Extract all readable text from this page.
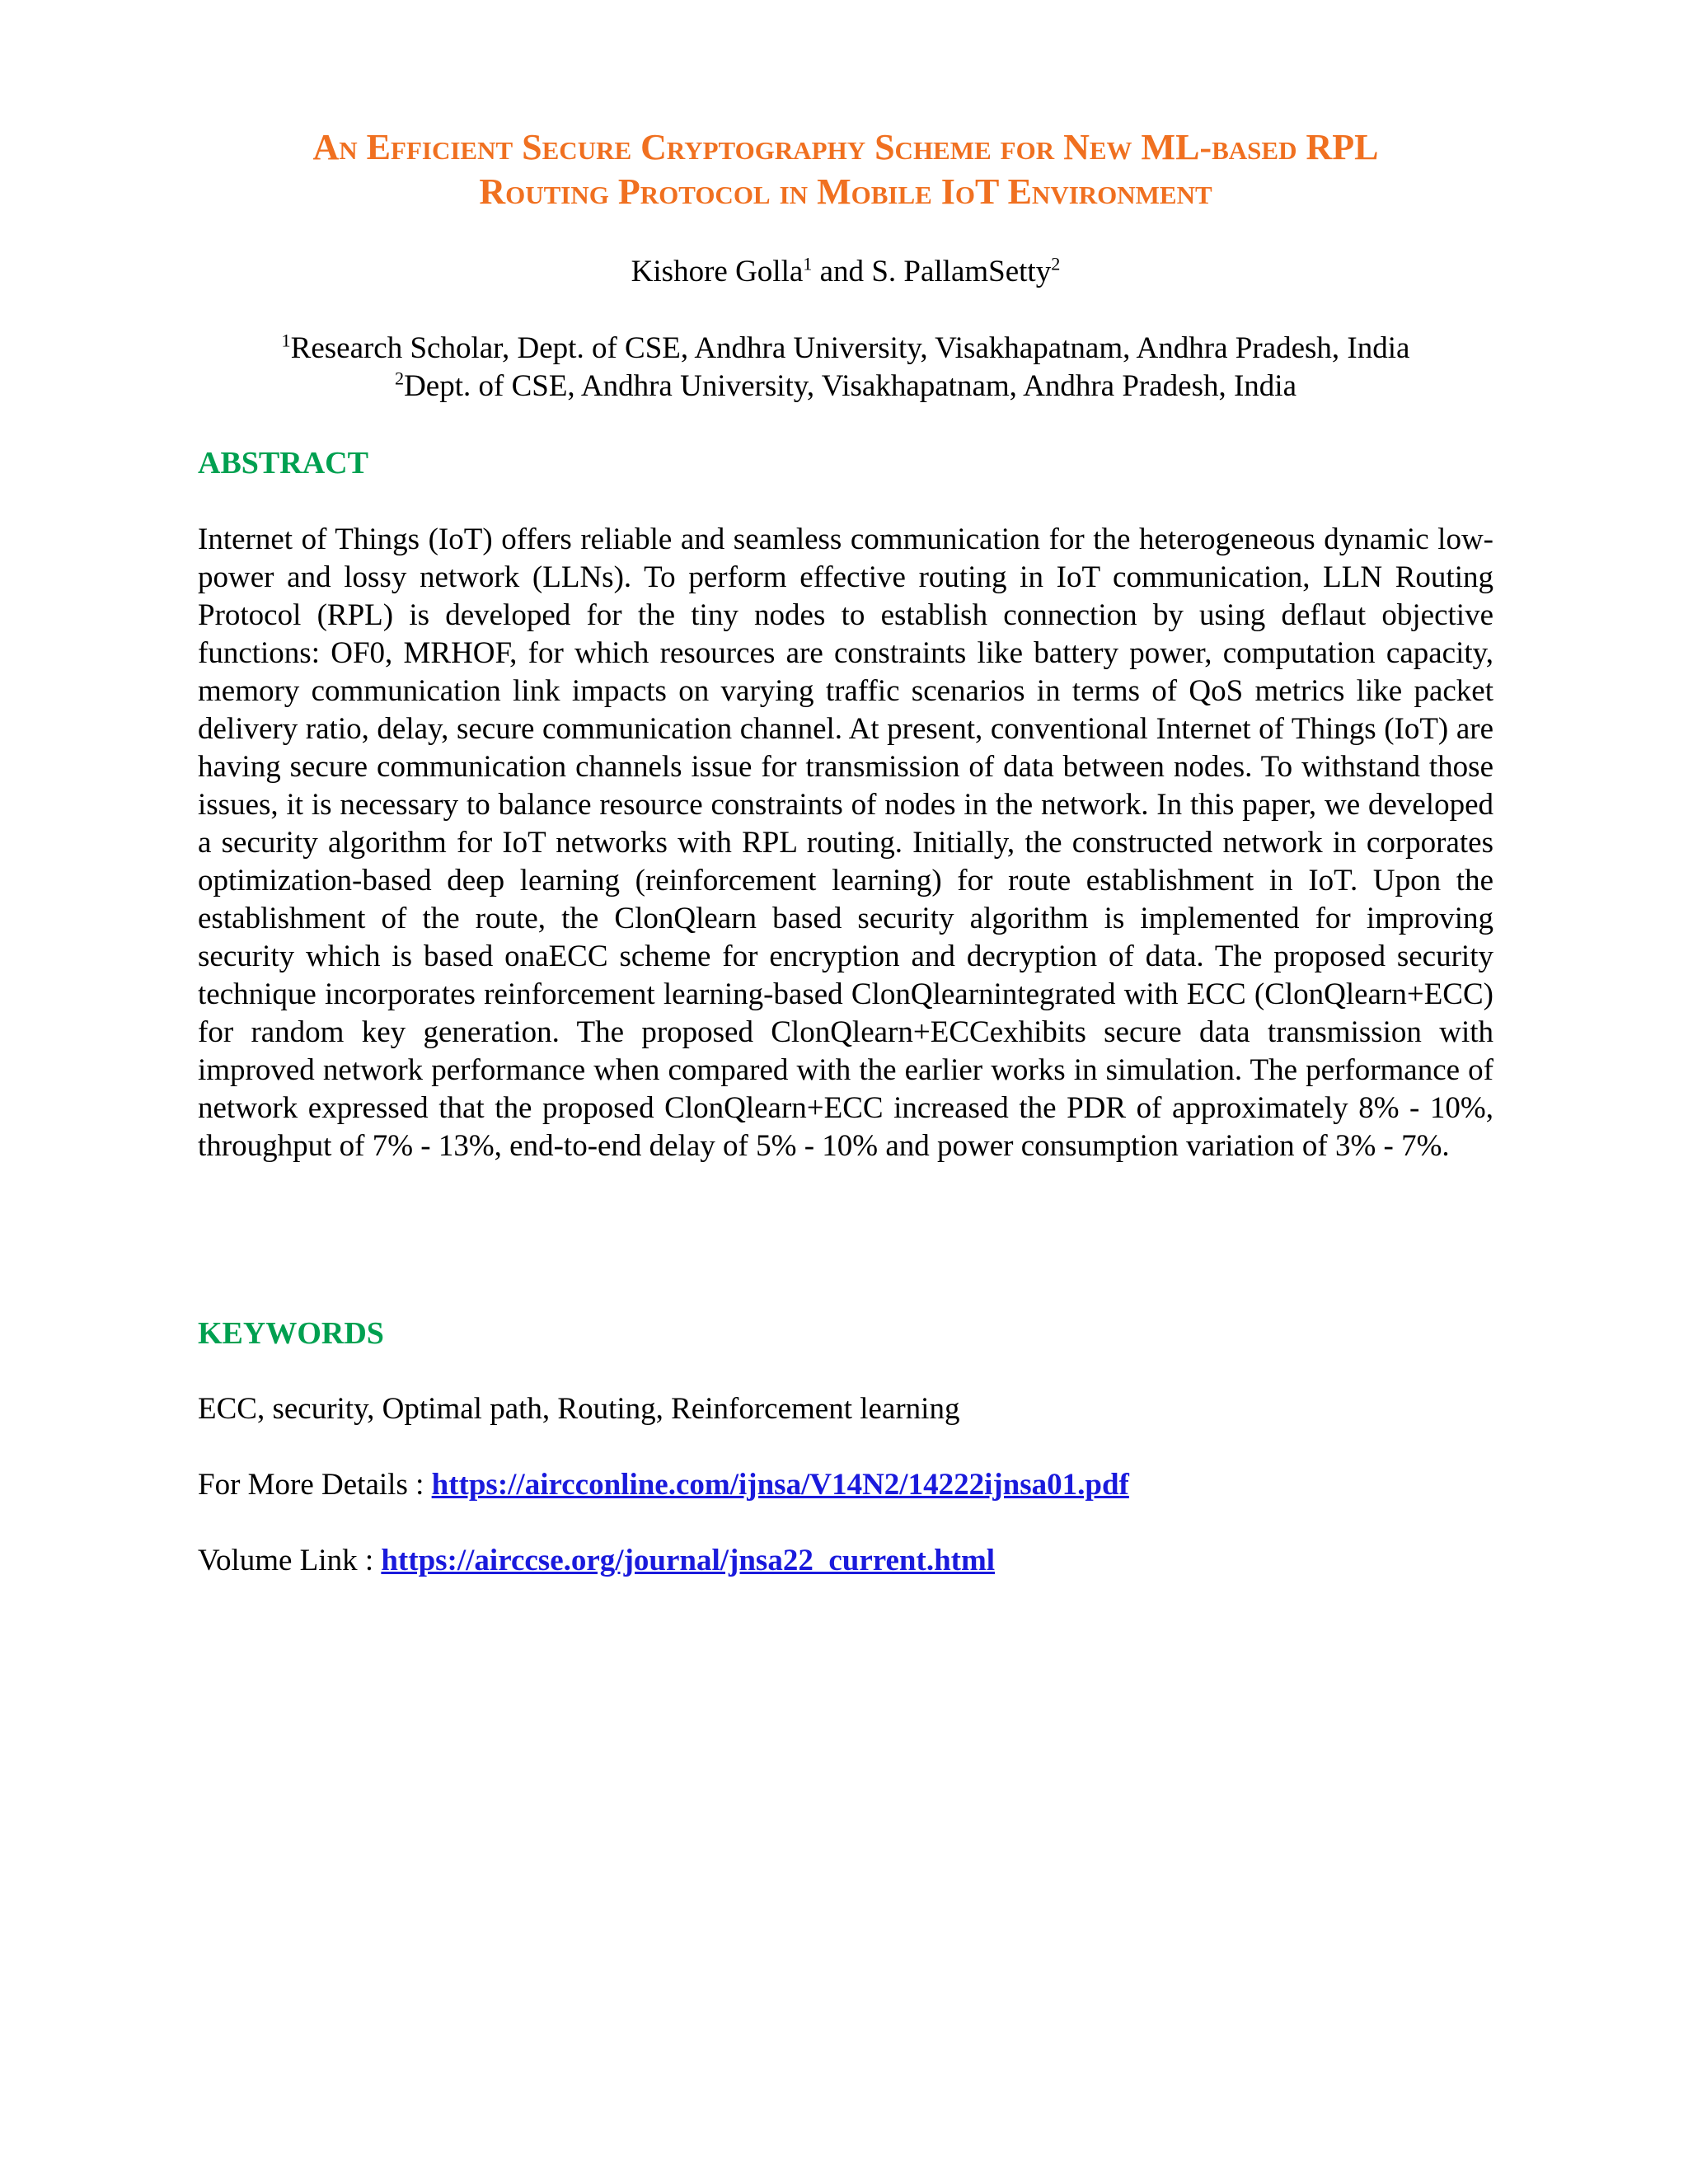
An Efficient Secure Cryptography Scheme for New ML-based RPL
Routing Protocol in Mobile IoT Environment
Kishore Golla$^1$ and S. PallamSetty$^2$
$^1$Research Scholar, Dept. of CSE, Andhra University, Visakhapatnam, Andhra Pradesh, India
$^2$Dept. of CSE, Andhra University, Visakhapatnam, Andhra Pradesh, India
ABSTRACT
Internet of Things (IoT) offers reliable and seamless communication for the heterogeneous dynamic low-power and lossy network (LLNs). To perform effective routing in IoT communication, LLN Routing Protocol (RPL) is developed for the tiny nodes to establish connection by using deflaut objective functions: OF0, MRHOF, for which resources are constraints like battery power, computation capacity, memory communication link impacts on varying traffic scenarios in terms of QoS metrics like packet delivery ratio, delay, secure communication channel. At present, conventional Internet of Things (IoT) are having secure communication channels issue for transmission of data between nodes. To withstand those issues, it is necessary to balance resource constraints of nodes in the network. In this paper, we developed a security algorithm for IoT networks with RPL routing. Initially, the constructed network in corporates optimization-based deep learning (reinforcement learning) for route establishment in IoT. Upon the establishment of the route, the ClonQlearn based security algorithm is implemented for improving security which is based onaECC scheme for encryption and decryption of data. The proposed security technique incorporates reinforcement learning-based ClonQlearnintegrated with ECC (ClonQlearn+ECC) for random key generation. The proposed ClonQlearn+ECCexhibits secure data transmission with improved network performance when compared with the earlier works in simulation. The performance of network expressed that the proposed ClonQlearn+ECC increased the PDR of approximately 8% - 10%, throughput of 7% - 13%, end-to-end delay of 5% - 10% and power consumption variation of 3% - 7%.
KEYWORDS
ECC, security, Optimal path, Routing, Reinforcement learning
For More Details : https://aircconline.com/ijnsa/V14N2/14222ijnsa01.pdf
Volume Link : https://airccse.org/journal/jnsa22_current.html
